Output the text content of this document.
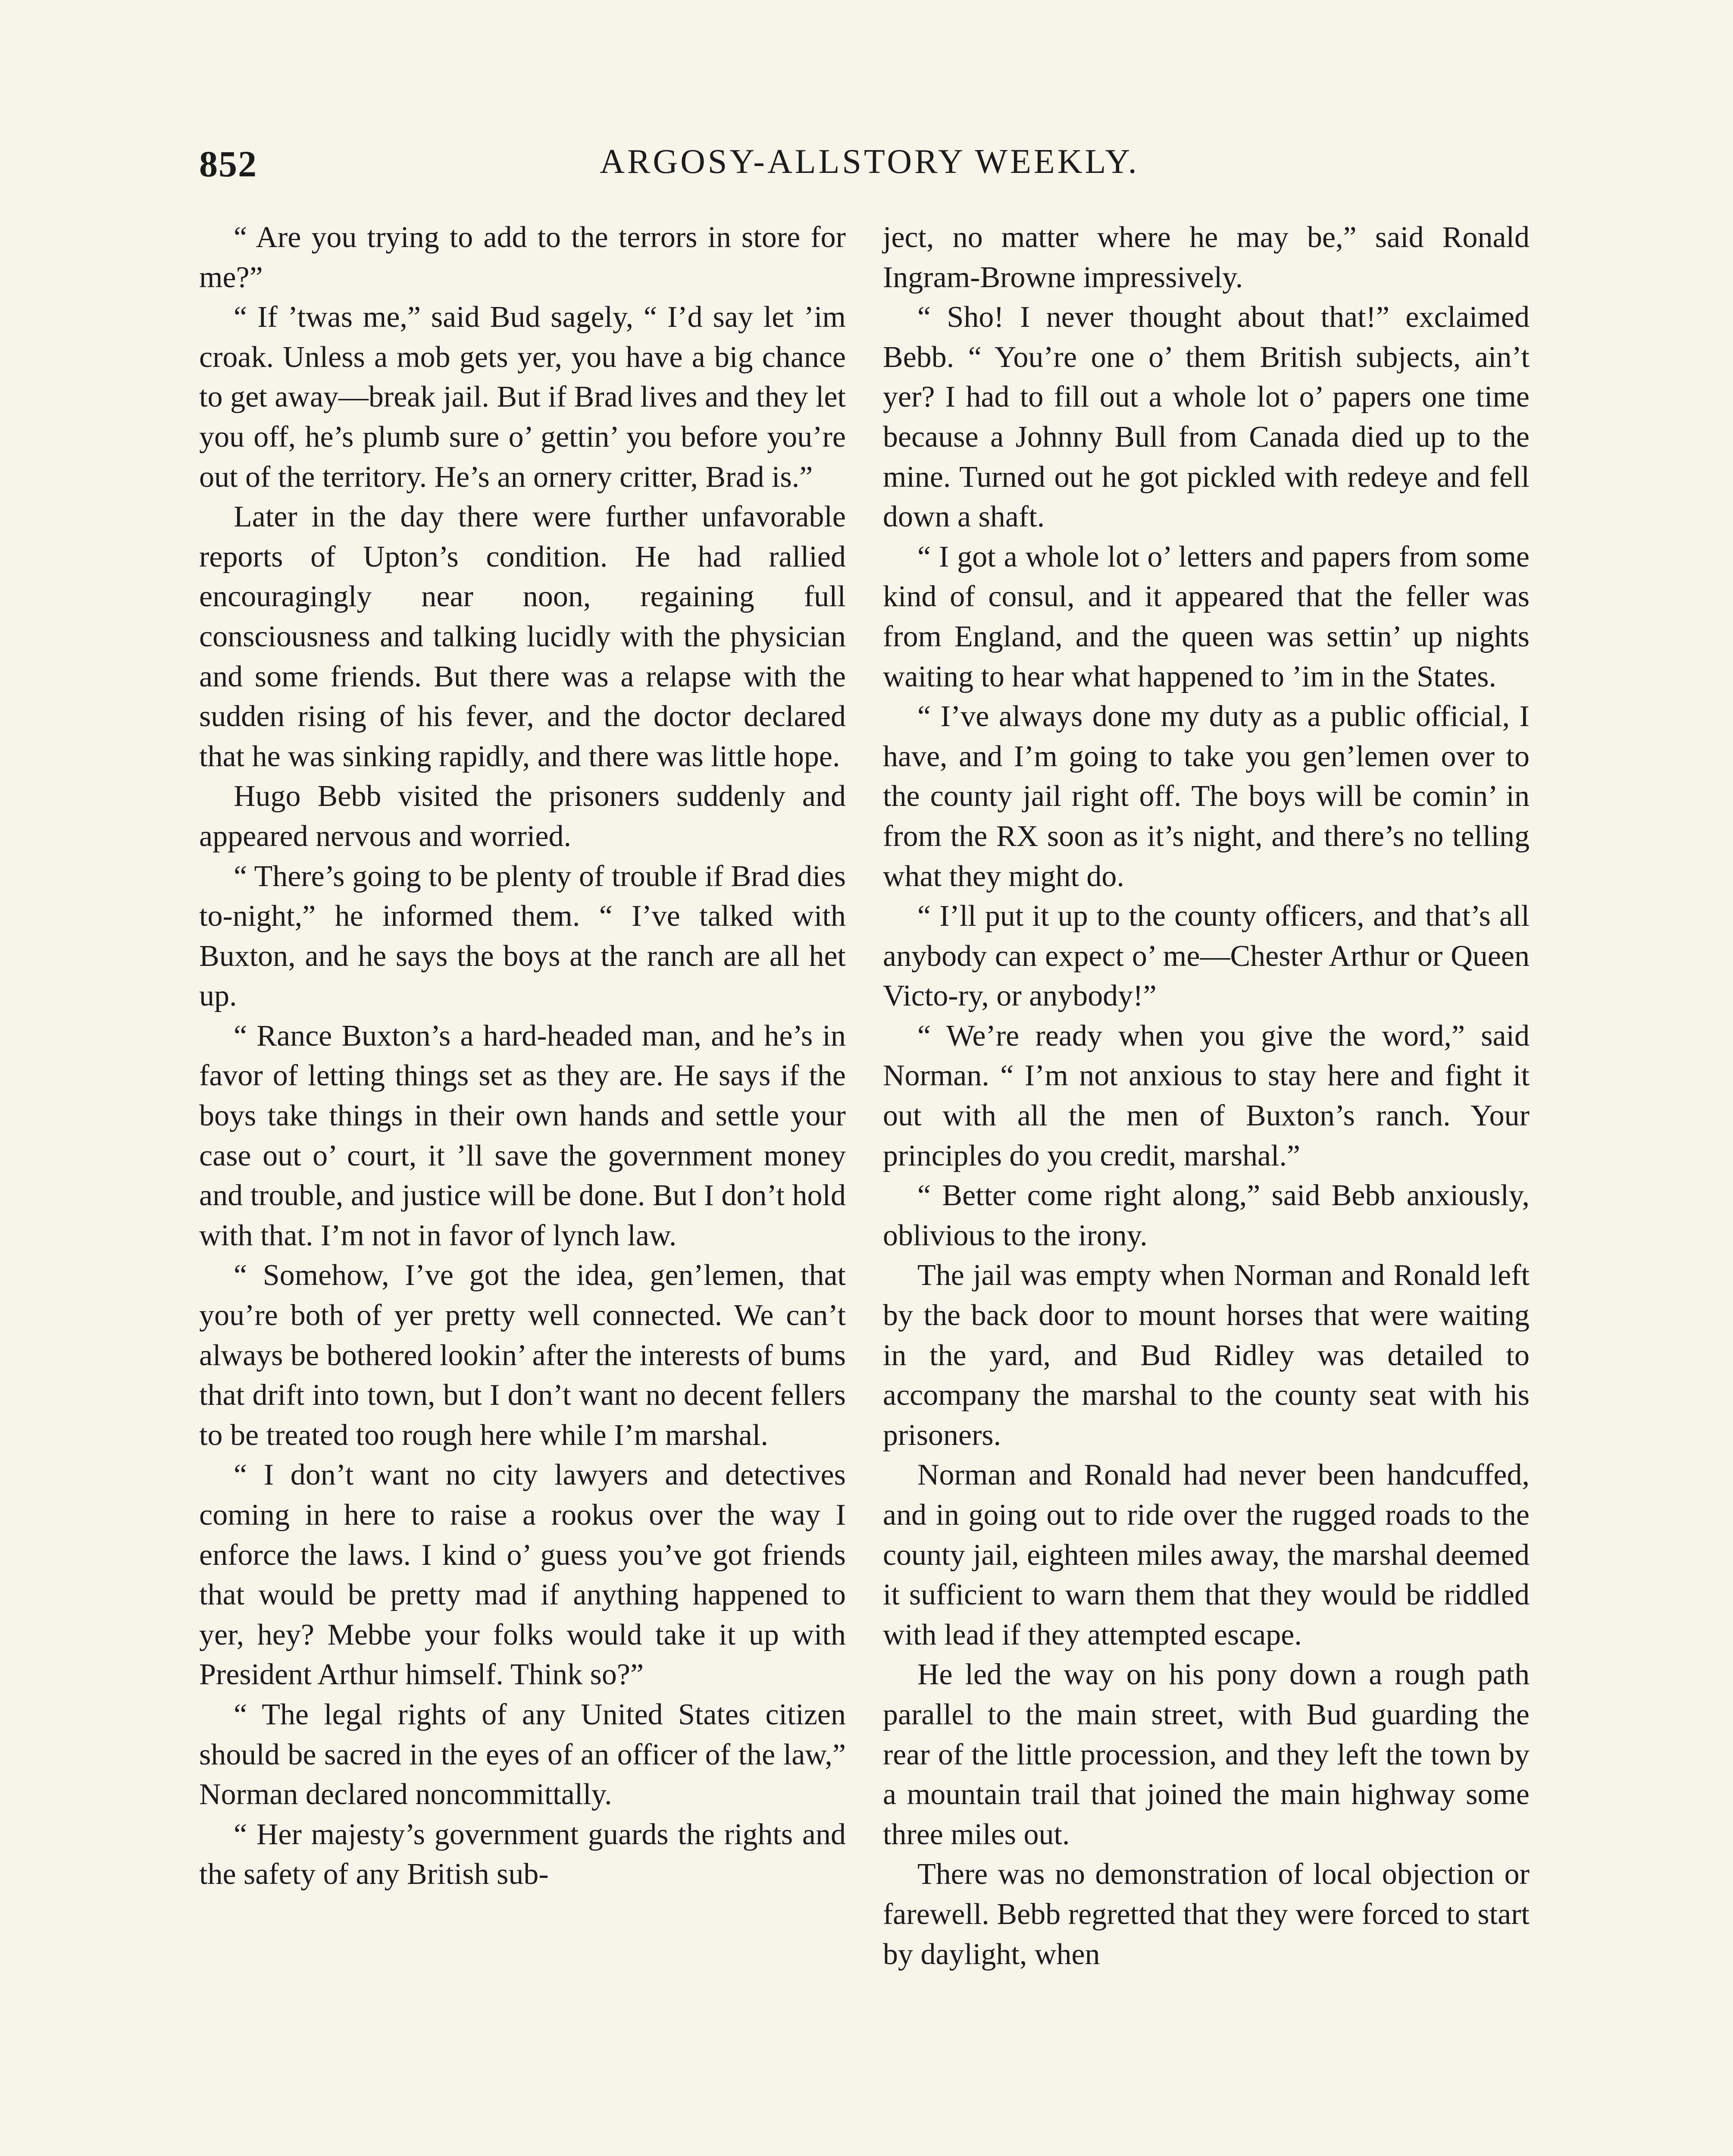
852	ARGOSY-ALLSTORY WEEKLY.

“ Are you trying to add to the terrors in store for me?”

“ If ’twas me,” said Bud sagely, “ I’d say let ’im croak. Unless a mob gets yer, you have a big chance to get away—break jail. But if Brad lives and they let you off, he’s plumb sure o’ gettin’ you before you’re out of the territory. He’s an ornery critter, Brad is.”

Later in the day there were further unfavorable reports of Upton’s condition. He had rallied encouragingly near noon, regaining full consciousness and talking lucidly with the physician and some friends. But there was a relapse with the sudden rising of his fever, and the doctor declared that he was sinking rapidly, and there was little hope.

Hugo Bebb visited the prisoners suddenly and appeared nervous and worried.

“ There’s going to be plenty of trouble if Brad dies to-night,” he informed them. “ I’ve talked with Buxton, and he says the boys at the ranch are all het up.

“ Rance Buxton’s a hard-headed man, and he’s in favor of letting things set as they are. He says if the boys take things in their own hands and settle your case out o’ court, it ’ll save the government money and trouble, and justice will be done. But I don’t hold with that. I’m not in favor of lynch law.

“ Somehow, I’ve got the idea, gen’lemen, that you’re both of yer pretty well connected. We can’t always be bothered lookin’ after the interests of bums that drift into town, but I don’t want no decent fellers to be treated too rough here while I’m marshal.

“ I don’t want no city lawyers and detectives coming in here to raise a rookus over the way I enforce the laws. I kind o’ guess you’ve got friends that would be pretty mad if anything happened to yer, hey? Mebbe your folks would take it up with President Arthur himself. Think so?”

“ The legal rights of any United States citizen should be sacred in the eyes of an officer of the law,” Norman declared noncommittally.

“ Her majesty’s government guards the rights and the safety of any British sub-

ject, no matter where he may be,” said Ronald Ingram-Browne impressively.

“ Sho! I never thought about that!” exclaimed Bebb. “ You’re one o’ them British subjects, ain’t yer? I had to fill out a whole lot o’ papers one time because a Johnny Bull from Canada died up to the mine. Turned out he got pickled with redeye and fell down a shaft.

“ I got a whole lot o’ letters and papers from some kind of consul, and it appeared that the feller was from England, and the queen was settin’ up nights waiting to hear what happened to ’im in the States.

“ I’ve always done my duty as a public official, I have, and I’m going to take you gen’lemen over to the county jail right off. The boys will be comin’ in from the RX soon as it’s night, and there’s no telling what they might do.

“ I’ll put it up to the county officers, and that’s all anybody can expect o’ me—Chester Arthur or Queen Victo-ry, or anybody!”

“ We’re ready when you give the word,” said Norman. “ I’m not anxious to stay here and fight it out with all the men of Buxton’s ranch. Your principles do you credit, marshal.”

“ Better come right along,” said Bebb anxiously, oblivious to the irony.

The jail was empty when Norman and Ronald left by the back door to mount horses that were waiting in the yard, and Bud Ridley was detailed to accompany the marshal to the county seat with his prisoners.

Norman and Ronald had never been handcuffed, and in going out to ride over the rugged roads to the county jail, eighteen miles away, the marshal deemed it sufficient to warn them that they would be riddled with lead if they attempted escape.

He led the way on his pony down a rough path parallel to the main street, with Bud guarding the rear of the little procession, and they left the town by a mountain trail that joined the main highway some three miles out.

There was no demonstration of local objection or farewell. Bebb regretted that they were forced to start by daylight, when
